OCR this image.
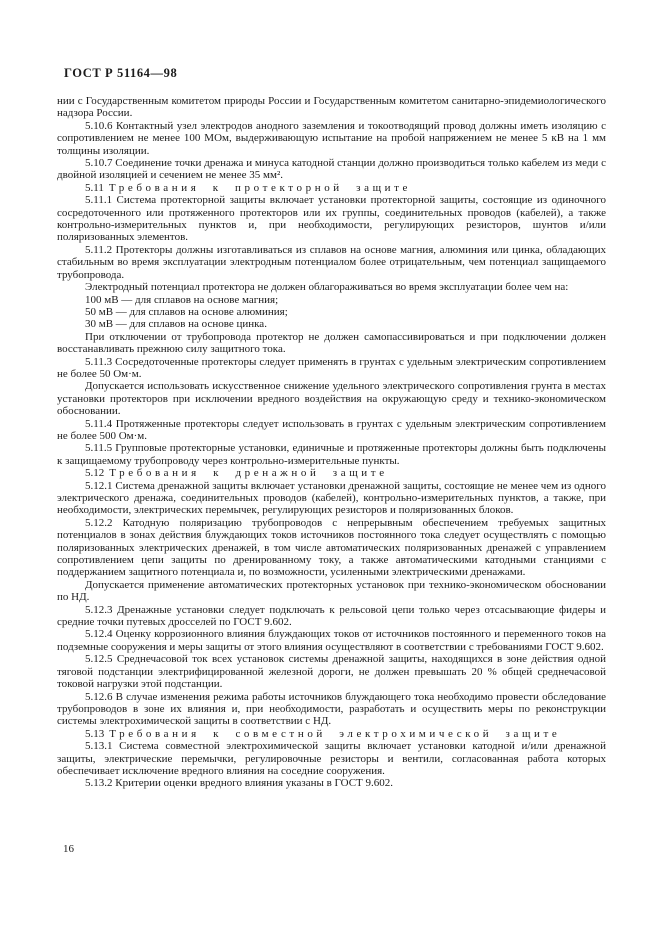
ГОСТ Р 51164—98
нии с Государственным комитетом природы России и Государственным комитетом санитарно-эпидемиологического надзора России.
5.10.6 Контактный узел электродов анодного заземления и токоотводящий провод должны иметь изоляцию с сопротивлением не менее 100 МОм, выдерживающую испытание на пробой напряжением не менее 5 кВ на 1 мм толщины изоляции.
5.10.7 Соединение точки дренажа и минуса катодной станции должно производиться только кабелем из меди с двойной изоляцией и сечением не менее 35 мм².
5.11 Требования к протекторной защите
5.11.1 Система протекторной защиты включает установки протекторной защиты, состоящие из одиночного сосредоточенного или протяженного протекторов или их группы, соединительных проводов (кабелей), а также контрольно-измерительных пунктов и, при необходимости, регулирующих резисторов, шунтов и/или поляризованных элементов.
5.11.2 Протекторы должны изготавливаться из сплавов на основе магния, алюминия или цинка, обладающих стабильным во время эксплуатации электродным потенциалом более отрицательным, чем потенциал защищаемого трубопровода.
Электродный потенциал протектора не должен облагораживаться во время эксплуатации более чем на:
100 мВ — для сплавов на основе магния;
50 мВ — для сплавов на основе алюминия;
30 мВ — для сплавов на основе цинка.
При отключении от трубопровода протектор не должен самопассивироваться и при подключении должен восстанавливать прежнюю силу защитного тока.
5.11.3 Сосредоточенные протекторы следует применять в грунтах с удельным электрическим сопротивлением не более 50 Ом·м.
Допускается использовать искусственное снижение удельного электрического сопротивления грунта в местах установки протекторов при исключении вредного воздействия на окружающую среду и технико-экономическом обосновании.
5.11.4 Протяженные протекторы следует использовать в грунтах с удельным электрическим сопротивлением не более 500 Ом·м.
5.11.5 Групповые протекторные установки, единичные и протяженные протекторы должны быть подключены к защищаемому трубопроводу через контрольно-измерительные пункты.
5.12 Требования к дренажной защите
5.12.1 Система дренажной защиты включает установки дренажной защиты, состоящие не менее чем из одного электрического дренажа, соединительных проводов (кабелей), контрольно-измерительных пунктов, а также, при необходимости, электрических перемычек, регулирующих резисторов и поляризованных блоков.
5.12.2 Катодную поляризацию трубопроводов с непрерывным обеспечением требуемых защитных потенциалов в зонах действия блуждающих токов источников постоянного тока следует осуществлять с помощью поляризованных электрических дренажей, в том числе автоматических поляризованных дренажей с управлением сопротивлением цепи защиты по дренированному току, а также автоматическими катодными станциями с поддержанием защитного потенциала и, по возможности, усиленными электрическими дренажами.
Допускается применение автоматических протекторных установок при технико-экономическом обосновании по НД.
5.12.3 Дренажные установки следует подключать к рельсовой цепи только через отсасывающие фидеры и средние точки путевых дросселей по ГОСТ 9.602.
5.12.4 Оценку коррозионного влияния блуждающих токов от источников постоянного и переменного токов на подземные сооружения и меры защиты от этого влияния осуществляют в соответствии с требованиями ГОСТ 9.602.
5.12.5 Среднечасовой ток всех установок системы дренажной защиты, находящихся в зоне действия одной тяговой подстанции электрифицированной железной дороги, не должен превышать 20 % общей среднечасовой токовой нагрузки этой подстанции.
5.12.6 В случае изменения режима работы источников блуждающего тока необходимо провести обследование трубопроводов в зоне их влияния и, при необходимости, разработать и осуществить меры по реконструкции системы электрохимической защиты в соответствии с НД.
5.13 Требования к совместной электрохимической защите
5.13.1 Система совместной электрохимической защиты включает установки катодной и/или дренажной защиты, электрические перемычки, регулировочные резисторы и вентили, согласованная работа которых обеспечивает исключение вредного влияния на соседние сооружения.
5.13.2 Критерии оценки вредного влияния указаны в ГОСТ 9.602.
16
